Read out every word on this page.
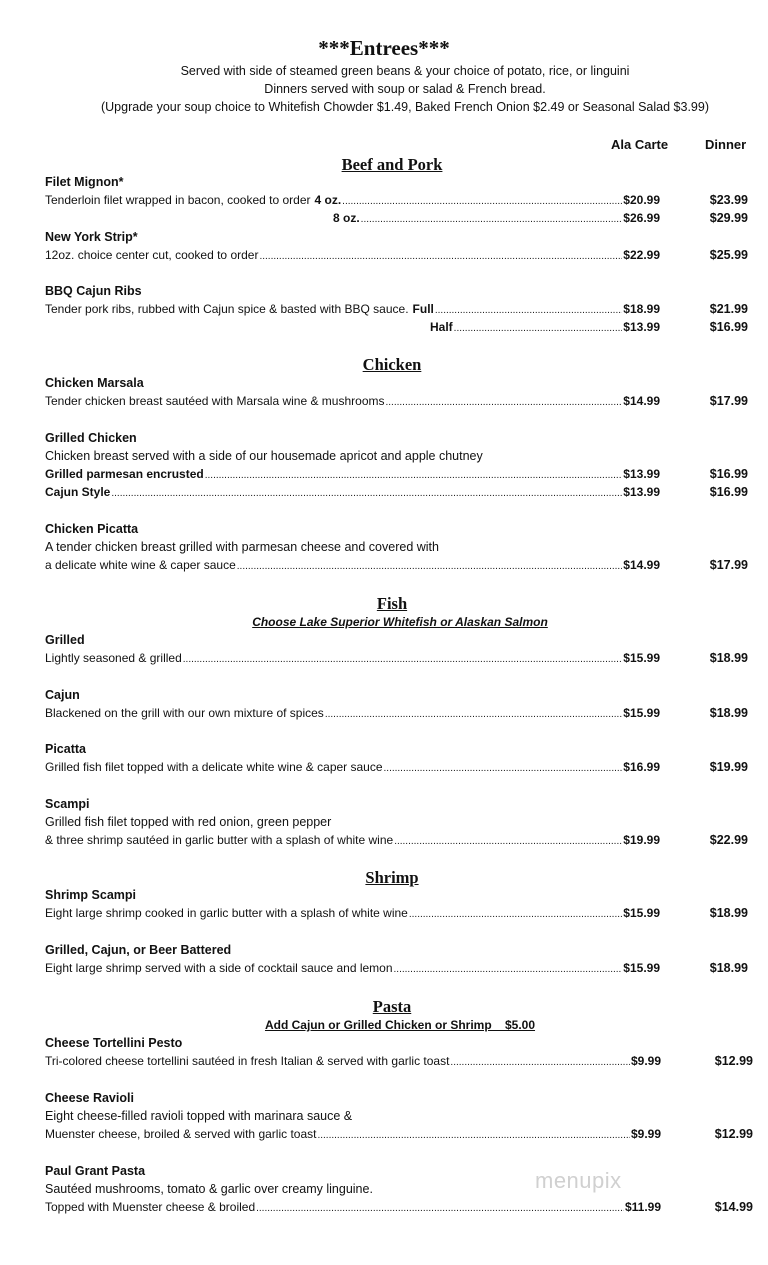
***Entrees***
Served with side of steamed green beans & your choice of potato, rice, or linguini
Dinners served with soup or salad & French bread.
(Upgrade your soup choice to Whitefish Chowder $1.49, Baked French Onion $2.49 or Seasonal Salad $3.99)
Ala Carte	Dinner
Beef and Pork
Filet Mignon*
Tenderloin filet wrapped in bacon, cooked to order 4 oz. .....	$20.99	$23.99
8 oz. .....	$26.99	$29.99
New York Strip*
12oz. choice center cut, cooked to order .....	$22.99	$25.99
BBQ Cajun Ribs
Tender pork ribs, rubbed with Cajun spice & basted with BBQ sauce. Full .....	$18.99	$21.99
Half .....	$13.99	$16.99
Chicken
Chicken Marsala
Tender chicken breast sautéed with Marsala wine & mushrooms .....	$14.99	$17.99
Grilled Chicken
Chicken breast served with a side of our housemade apricot and apple chutney
Grilled parmesan encrusted .....	$13.99	$16.99
Cajun Style .....	$13.99	$16.99
Chicken Picatta
A tender chicken breast grilled with parmesan cheese and covered with
a delicate white wine & caper sauce .....	$14.99	$17.99
Fish
Choose Lake Superior Whitefish or Alaskan Salmon
Grilled
Lightly seasoned & grilled .....	$15.99	$18.99
Cajun
Blackened on the grill with our own mixture of spices .....	$15.99	$18.99
Picatta
Grilled fish filet topped with a delicate white wine & caper sauce .....	$16.99	$19.99
Scampi
Grilled fish filet topped with red onion, green pepper
& three shrimp sautéed in garlic butter with a splash of white wine .....	$19.99	$22.99
Shrimp
Shrimp Scampi
Eight large shrimp cooked in garlic butter with a splash of white wine .....	$15.99	$18.99
Grilled, Cajun, or Beer Battered
Eight large shrimp served with a side of cocktail sauce and lemon .....	$15.99	$18.99
Pasta
Add Cajun or Grilled Chicken or Shrimp    $5.00
Cheese Tortellini Pesto
Tri-colored cheese tortellini sautéed in fresh Italian & served with garlic toast .....	$9.99	$12.99
Cheese Ravioli
Eight cheese-filled ravioli topped with marinara sauce &
Muenster cheese, broiled & served with garlic toast .....	$9.99	$12.99
Paul Grant Pasta
Sautéed mushrooms, tomato & garlic over creamy linguine.
Topped with Muenster cheese & broiled .....	$11.99	$14.99
menupix
